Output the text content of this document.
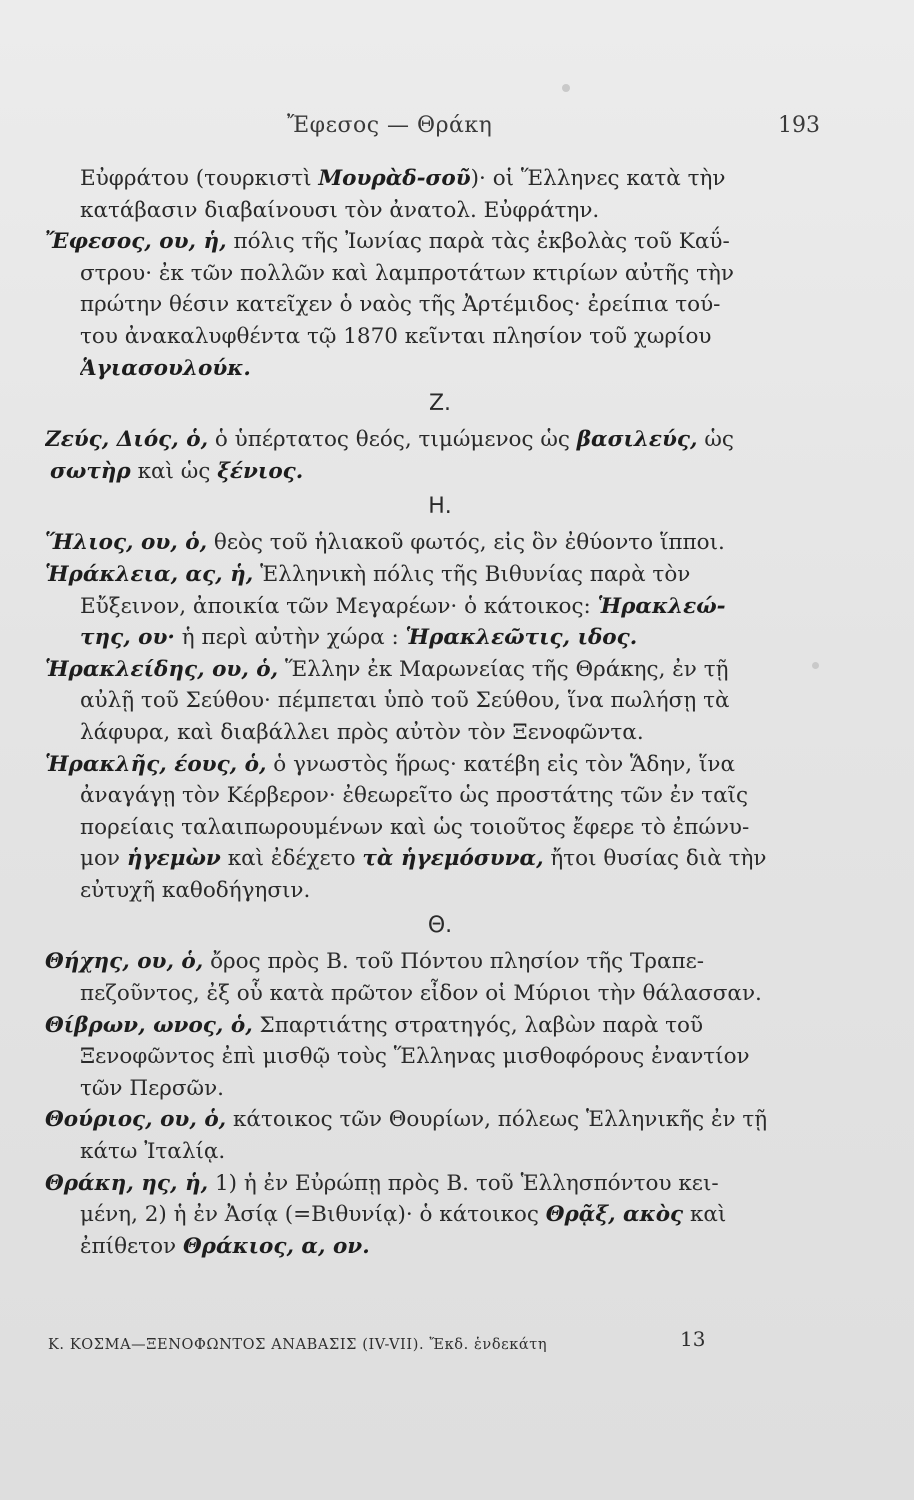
Ἔφεσος — Θράκη	193
Εὐφράτου (τουρκιστὶ Μουρὰδ-σοῦ)· οἱ Ἕλληνες κατὰ τὴν
κατάβασιν διαβαίνουσι τὸν ἀνατολ. Εὐφράτην.
Ἔφεσος, ου, ἡ, πόλις τῆς Ἰωνίας παρὰ τὰς ἐκβολὰς τοῦ Καΰ-
στρου· ἐκ τῶν πολλῶν καὶ λαμπροτάτων κτιρίων αὐτῆς τὴν
πρώτην θέσιν κατεῖχεν ὁ ναὸς τῆς Ἀρτέμιδος· ἐρείπια τού-
του ἀνακαλυφθέντα τῷ 1870 κεῖνται πλησίον τοῦ χωρίου
Ἁγιασουλούκ.
Ζ.
Ζεύς, Διός, ὁ, ὁ ὑπέρτατος θεός, τιμώμενος ὡς βασιλεύς, ὡς
σωτὴρ καὶ ὡς ξένιος.
Η.
Ἥλιος, ου, ὁ, θεὸς τοῦ ἡλιακοῦ φωτός, εἰς ὃν ἐθύοντο ἵπποι.
Ἡράκλεια, ας, ἡ, Ἑλληνικὴ πόλις τῆς Βιθυνίας παρὰ τὸν
Εὔξεινον, ἀποικία τῶν Μεγαρέων· ὁ κάτοικος: Ἡρακλεώ-
της, ου· ἡ περὶ αὐτὴν χώρα : Ἡρακλεῶτις, ιδος.
Ἡρακλείδης, ου, ὁ, Ἕλλην ἐκ Μαρωνείας τῆς Θράκης, ἐν τῇ
αὐλῇ τοῦ Σεύθου· πέμπεται ὑπὸ τοῦ Σεύθου, ἵνα πωλήσῃ τὰ
λάφυρα, καὶ διαβάλλει πρὸς αὐτὸν τὸν Ξενοφῶντα.
Ἡρακλῆς, έους, ὁ, ὁ γνωστὸς ἥρως· κατέβη εἰς τὸν Ἅδην, ἵνα
ἀναγάγῃ τὸν Κέρβερον· ἐθεωρεῖτο ὡς προστάτης τῶν ἐν ταῖς
πορείαις ταλαιπωρουμένων καὶ ὡς τοιοῦτος ἔφερε τὸ ἐπώνυ-
μον ἡγεμὼν καὶ ἐδέχετο τὰ ἡγεμόσυνα, ἤτοι θυσίας διὰ τὴν
εὐτυχῆ καθοδήγησιν.
Θ.
Θήχης, ου, ὁ, ὄρος πρὸς Β. τοῦ Πόντου πλησίον τῆς Τραπε-
πεζοῦντος, ἐξ οὗ κατὰ πρῶτον εἶδον οἱ Μύριοι τὴν θάλασσαν.
Θίβρων, ωνος, ὁ, Σπαρτιάτης στρατηγός, λαβὼν παρὰ τοῦ
Ξενοφῶντος ἐπὶ μισθῷ τοὺς Ἕλληνας μισθοφόρους ἐναντίον
τῶν Περσῶν.
Θούριος, ου, ὁ, κάτοικος τῶν Θουρίων, πόλεως Ἑλληνικῆς ἐν τῇ
κάτω Ἰταλίᾳ.
Θράκη, ης, ἡ, 1) ἡ ἐν Εὐρώπῃ πρὸς Β. τοῦ Ἑλλησπόντου κει-
μένη, 2) ἡ ἐν Ἀσίᾳ (=Βιθυνίᾳ)· ὁ κάτοικος Θρᾷξ, ακὸς καὶ
ἐπίθετον Θράκιος, α, ον.
Κ. ΚΟΣΜΑ—ΞΕΝΟΦΩΝΤΟΣ ΑΝΑΒΑΣΙΣ (IV-VII). Ἔκδ. ἑνδεκάτη	13
